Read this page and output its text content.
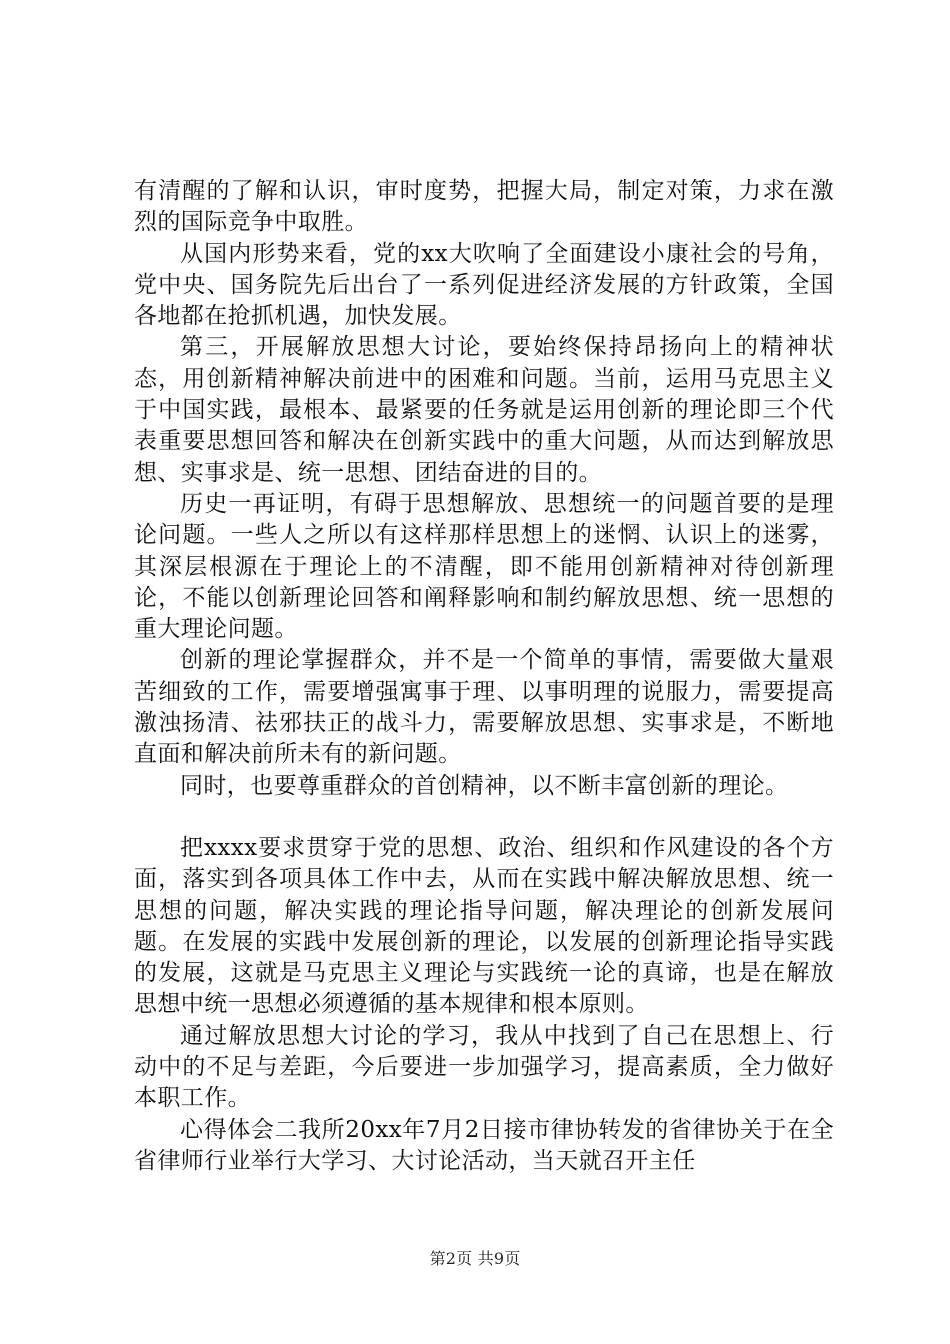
有清醒的了解和认识，审时度势，把握大局，制定对策，力求在激烈的国际竞争中取胜。

从国内形势来看，党的xx大吹响了全面建设小康社会的号角，党中央、国务院先后出台了一系列促进经济发展的方针政策，全国各地都在抢抓机遇，加快发展。

第三，开展解放思想大讨论，要始终保持昂扬向上的精神状态，用创新精神解决前进中的困难和问题。当前，运用马克思主义于中国实践，最根本、最紧要的任务就是运用创新的理论即三个代表重要思想回答和解决在创新实践中的重大问题，从而达到解放思想、实事求是、统一思想、团结奋进的目的。

历史一再证明，有碍于思想解放、思想统一的问题首要的是理论问题。一些人之所以有这样那样思想上的迷惘、认识上的迷雾，其深层根源在于理论上的不清醒，即不能用创新精神对待创新理论，不能以创新理论回答和阐释影响和制约解放思想、统一思想的重大理论问题。

创新的理论掌握群众，并不是一个简单的事情，需要做大量艰苦细致的工作，需要增强寓事于理、以事明理的说服力，需要提高激浊扬清、祛邪扶正的战斗力，需要解放思想、实事求是，不断地直面和解决前所未有的新问题。

同时，也要尊重群众的首创精神，以不断丰富创新的理论。

把xxxx要求贯穿于党的思想、政治、组织和作风建设的各个方面，落实到各项具体工作中去，从而在实践中解决解放思想、统一思想的问题，解决实践的理论指导问题，解决理论的创新发展问题。在发展的实践中发展创新的理论，以发展的创新理论指导实践的发展，这就是马克思主义理论与实践统一论的真谛，也是在解放思想中统一思想必须遵循的基本规律和根本原则。

通过解放思想大讨论的学习，我从中找到了自己在思想上、行动中的不足与差距，今后要进一步加强学习，提高素质，全力做好本职工作。

心得体会二我所20xx年7月2日接市律协转发的省律协关于在全省律师行业举行大学习、大讨论活动，当天就召开主任

第2页 共9页
